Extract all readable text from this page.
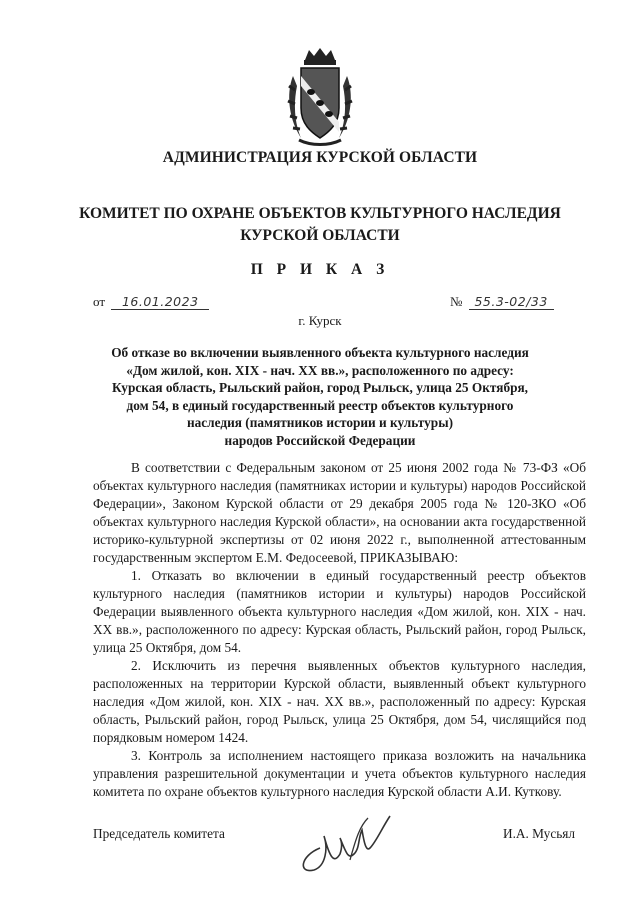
АДМИНИСТРАЦИЯ КУРСКОЙ ОБЛАСТИ
КОМИТЕТ ПО ОХРАНЕ ОБЪЕКТОВ КУЛЬТУРНОГО НАСЛЕДИЯ
КУРСКОЙ ОБЛАСТИ
П Р И К А З
от 16.01.2023	№ 55.3-02/33
г. Курск
Об отказе во включении выявленного объекта культурного наследия
«Дом жилой, кон. XIX - нач. XX вв.», расположенного по адресу:
Курская область, Рыльский район, город Рыльск, улица 25 Октября,
дом 54, в единый государственный реестр объектов культурного
наследия (памятников истории и культуры)
народов Российской Федерации

В соответствии с Федеральным законом от 25 июня 2002 года № 73-ФЗ «Об объектах культурного наследия (памятниках истории и культуры) народов Российской Федерации», Законом Курской области от 29 декабря 2005 года № 120-ЗКО «Об объектах культурного наследия Курской области», на основании акта государственной историко-культурной экспертизы от 02 июня 2022 г., выполненной аттестованным государственным экспертом Е.М. Федосеевой, ПРИКАЗЫВАЮ:

1. Отказать во включении в единый государственный реестр объектов культурного наследия (памятников истории и культуры) народов Российской Федерации выявленного объекта культурного наследия «Дом жилой, кон. XIX - нач. XX вв.», расположенного по адресу: Курская область, Рыльский район, город Рыльск, улица 25 Октября, дом 54.

2. Исключить из перечня выявленных объектов культурного наследия, расположенных на территории Курской области, выявленный объект культурного наследия «Дом жилой, кон. XIX - нач. XX вв.», расположенный по адресу: Курская область, Рыльский район, город Рыльск, улица 25 Октября, дом 54, числящийся под порядковым номером 1424.

3. Контроль за исполнением настоящего приказа возложить на начальника управления разрешительной документации и учета объектов культурного наследия комитета по охране объектов культурного наследия Курской области А.И. Куткову.

Председатель комитета	И.А. Мусьял
